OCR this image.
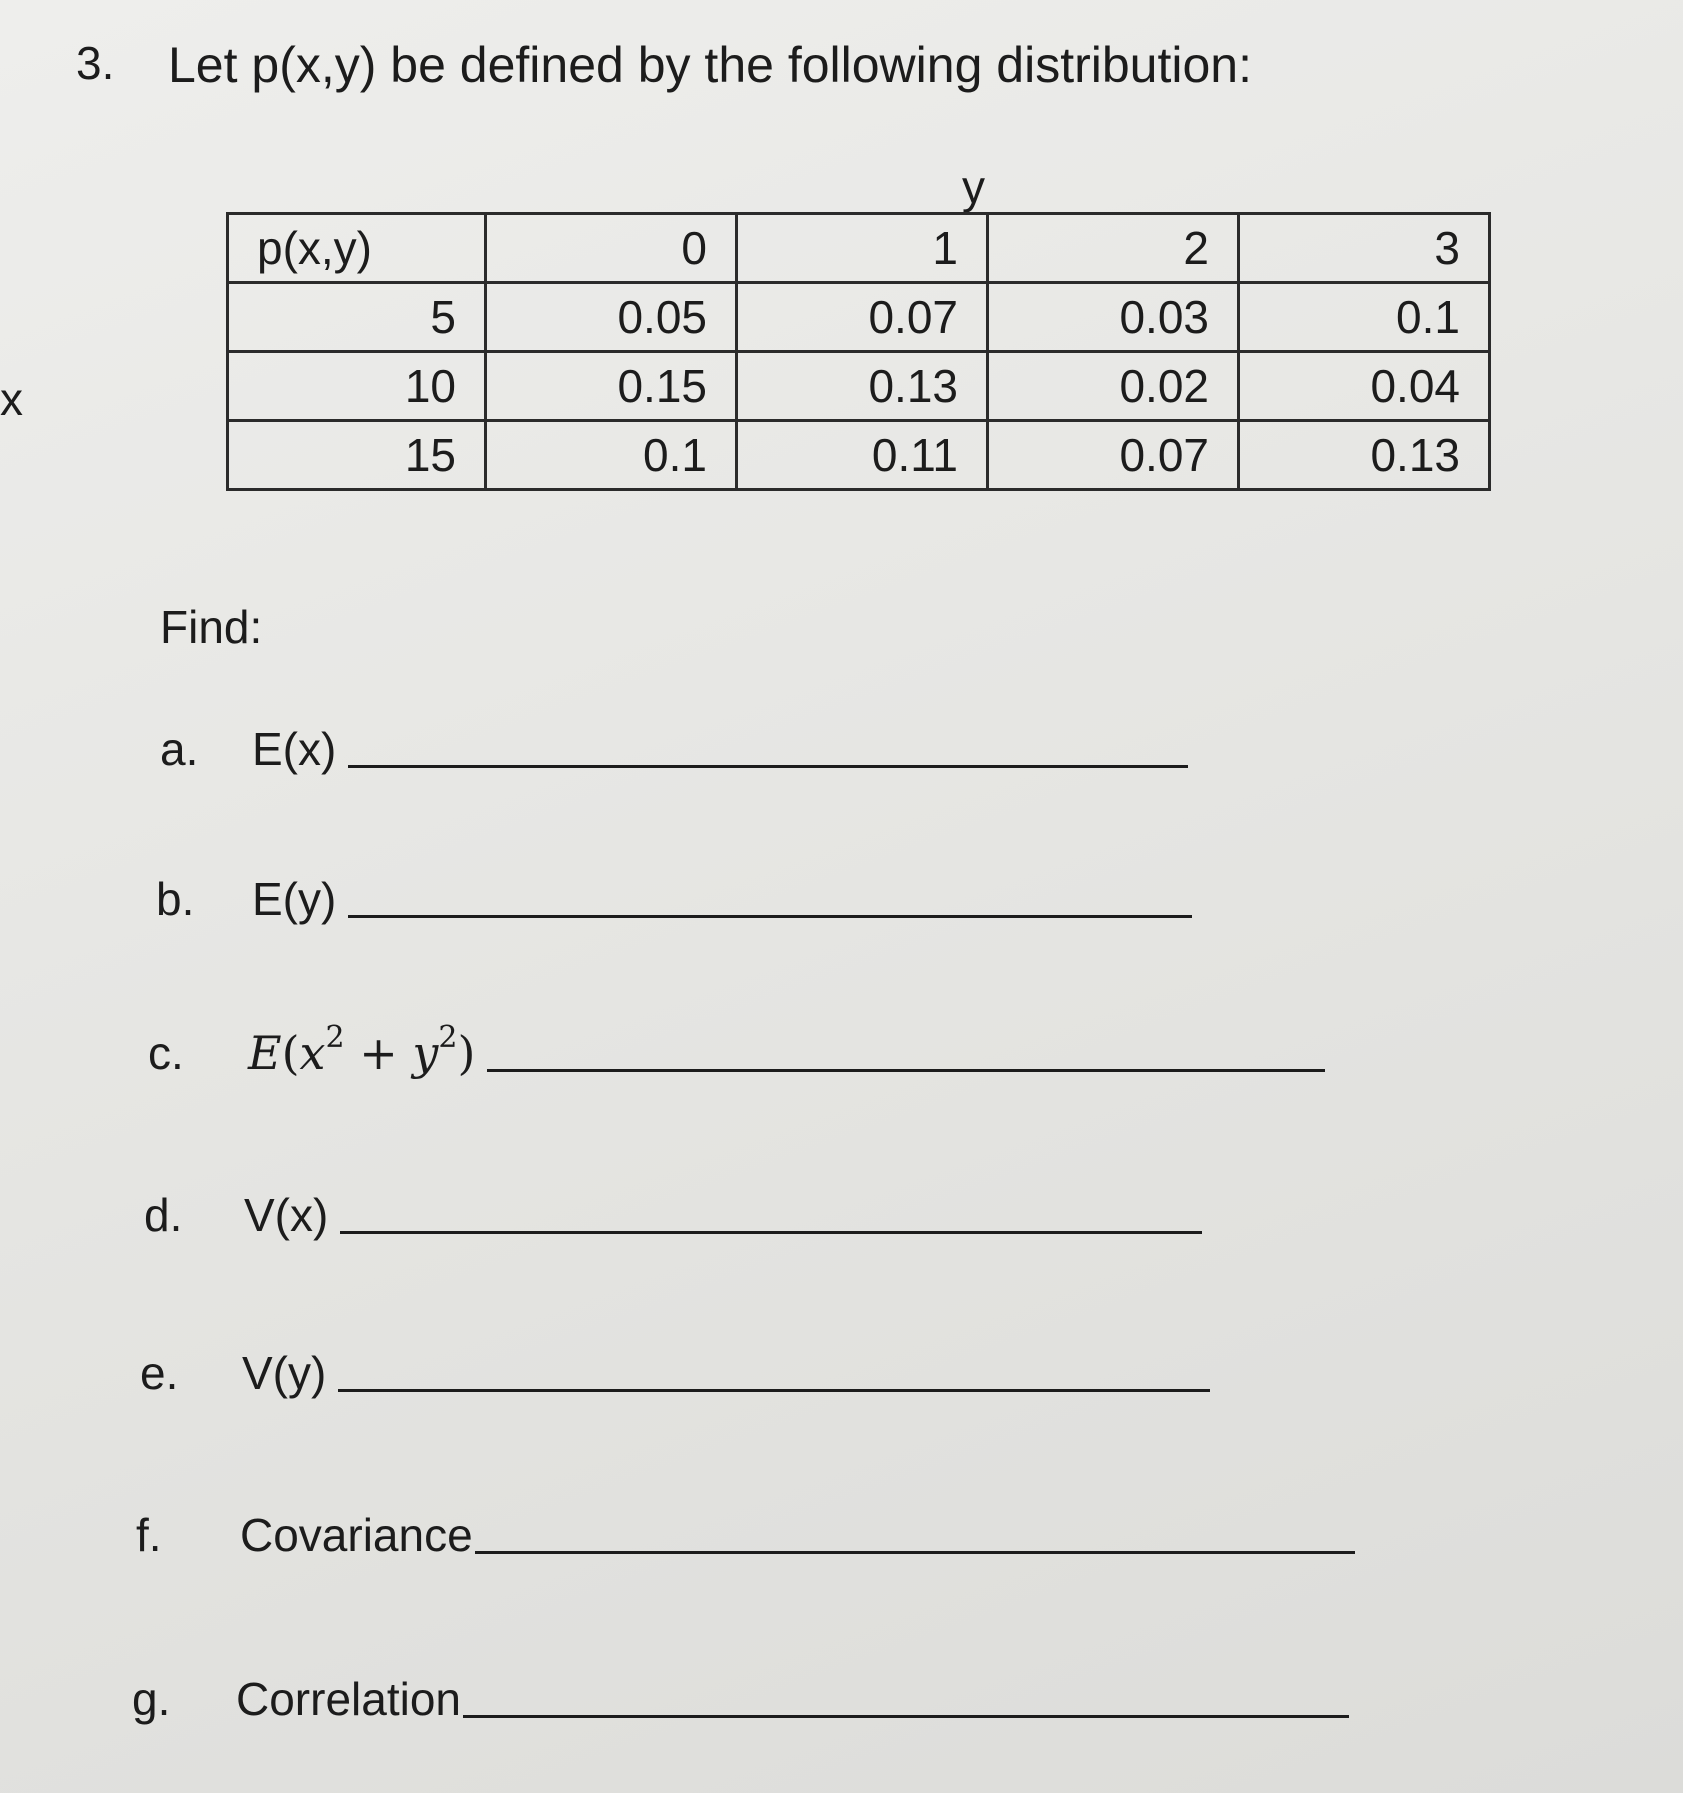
3. Let p(x,y) be defined by the following distribution:
y
x
p(x,y)	0	1	2	3
5	0.05	0.07	0.03	0.1
10	0.15	0.13	0.02	0.04
15	0.1	0.11	0.07	0.13
Find:
a.	E(x)
b.	E(y)
c.	$E(x^2 + y^2)$
d.	V(x)
e.	V(y)
f.	Covariance
g.	Correlation
